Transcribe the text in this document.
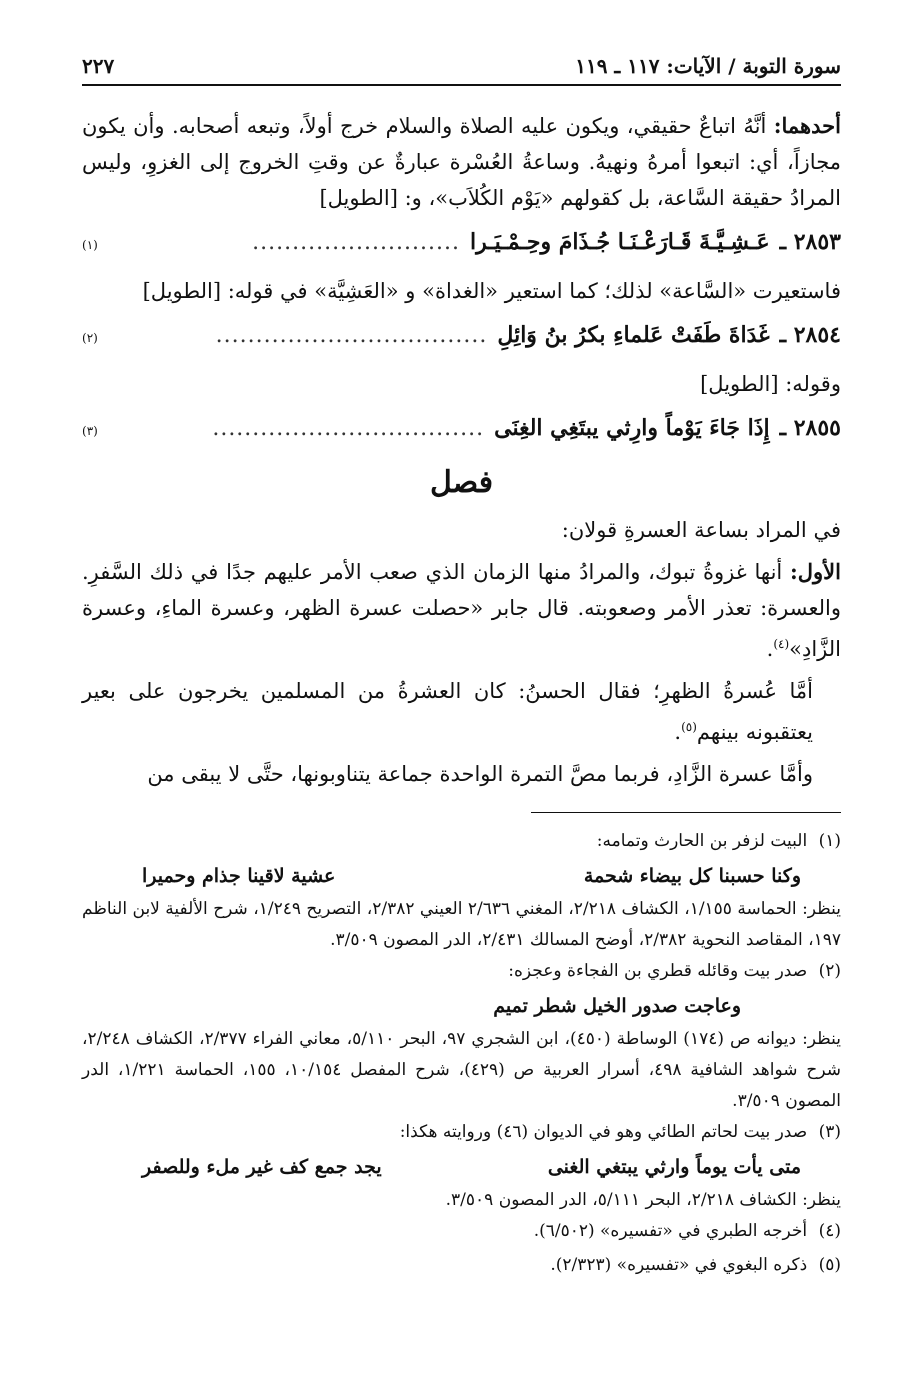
٢٢٧	سورة التوبة / الآيات: ١١٧ ـ ١١٩

أحدهما: أنَّهُ اتباعٌ حقيقي، ويكون عليه الصلاة والسلام خرج أولاً، وتبعه أصحابه. وأن يكون مجازاً، أي: اتبعوا أمرهُ ونهيهُ. وساعةُ العُسْرة عبارةٌ عن وقتِ الخروج إلى الغزوِ، وليس المرادُ حقيقة السَّاعة، بل كقولهم «يَوْم الكُلاَب»، و: [الطويل]

٢٨٥٣ ـ
عَـشِـيَّـةَ قَـارَعْـنَـا جُـذَامَ وحِـمْـيَـرا
..........................
(١)

فاستعيرت «السَّاعة» لذلك؛ كما استعير «الغداة» و «العَشِيَّة» في قوله: [الطويل]

٢٨٥٤ ـ
غَدَاةَ طَفَتْ عَلماءِ بكرُ بنُ وَائِلِ
..................................
(٢)

وقوله: [الطويل]

٢٨٥٥ ـ
إِذَا جَاءَ يَوْماً وارِثي يبتَغِي الغِنَى
..................................
(٣)
فصل

في المراد بساعة العسرةِ قولان:

الأول: أنها غزوةُ تبوك، والمرادُ منها الزمان الذي صعب الأمر عليهم جدًا في ذلك السَّفرِ. والعسرة: تعذر الأمر وصعوبته. قال جابر «حصلت عسرة الظهر، وعسرة الماءِ، وعسرة الزَّادِ»$^{(٤)}$.

أمَّا عُسرةُ الظهرِ؛ فقال الحسنُ: كان العشرةُ من المسلمين يخرجون على بعير يعتقبونه بينهم$^{(٥)}$.

وأمَّا عسرة الزَّادِ، فربما مصَّ التمرة الواحدة جماعة يتناوبونها، حتَّى لا يبقى من

(١) البيت لزفر بن الحارث وتمامه:

وكنا حسبنا كل بيضاء شحمة
عشية لاقينا جذام وحميرا

ينظر: الحماسة ١/١٥٥، الكشاف ٢/٢١٨، المغني ٢/٦٣٦ العيني ٢/٣٨٢، التصريح ١/٢٤٩، شرح الألفية لابن الناظم ١٩٧، المقاصد النحوية ٢/٣٨٢، أوضح المسالك ٢/٤٣١، الدر المصون ٣/٥٠٩.

(٢) صدر بيت وقائله قطري بن الفجاءة وعجزه:

وعاجت صدور الخيل شطر تميم

ينظر: ديوانه ص (١٧٤) الوساطة (٤٥٠)، ابن الشجري ٩٧، البحر ٥/١١٠، معاني الفراء ٢/٣٧٧، الكشاف ٢/٢٤٨، شرح شواهد الشافية ٤٩٨، أسرار العربية ص (٤٢٩)، شرح المفصل ١٠/١٥٤، ١٥٥، الحماسة ١/٢٢١، الدر المصون ٣/٥٠٩.

(٣) صدر بيت لحاتم الطائي وهو في الديوان (٤٦) وروايته هكذا:

متى يأت يوماً وارثي يبتغي الغنى
يجد جمع كف غير ملء وللصفر

ينظر: الكشاف ٢/٢١٨، البحر ٥/١١١، الدر المصون ٣/٥٠٩.

(٤) أخرجه الطبري في «تفسيره» (٦/٥٠٢).

(٥) ذكره البغوي في «تفسيره» (٢/٣٢٣).
